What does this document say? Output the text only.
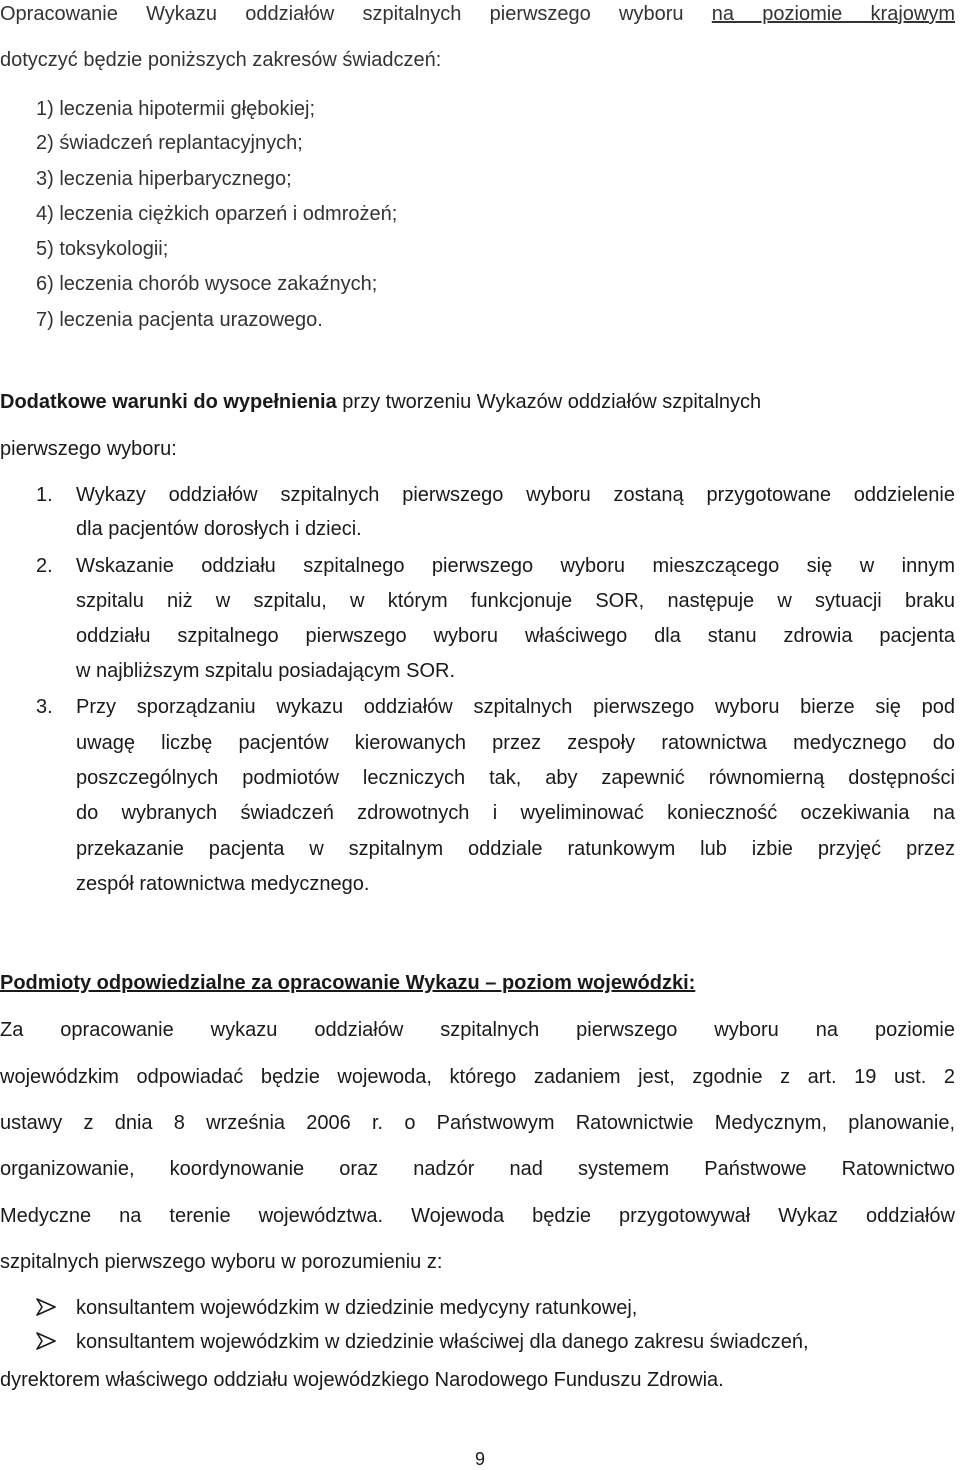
Opracowanie Wykazu oddziałów szpitalnych pierwszego wyboru na poziomie krajowym
dotyczyć będzie poniższych zakresów świadczeń:
1) leczenia hipotermii głębokiej;
2) świadczeń replantacyjnych;
3) leczenia hiperbarycznego;
4) leczenia ciężkich oparzeń i odmrożeń;
5) toksykologii;
6) leczenia chorób wysoce zakaźnych;
7) leczenia pacjenta urazowego.
Dodatkowe warunki do wypełnienia przy tworzeniu Wykazów oddziałów szpitalnych
pierwszego wyboru:
1.	Wykazy oddziałów szpitalnych pierwszego wyboru zostaną przygotowane oddzielenie
dla pacjentów dorosłych i dzieci.
2.	Wskazanie oddziału szpitalnego pierwszego wyboru mieszczącego się w innym
szpitalu niż w szpitalu, w którym funkcjonuje SOR, następuje w sytuacji braku
oddziału szpitalnego pierwszego wyboru właściwego dla stanu zdrowia pacjenta
w najbliższym szpitalu posiadającym SOR.
3.	Przy sporządzaniu wykazu oddziałów szpitalnych pierwszego wyboru bierze się pod
uwagę liczbę pacjentów kierowanych przez zespoły ratownictwa medycznego do
poszczególnych podmiotów leczniczych tak, aby zapewnić równomierną dostępności
do wybranych świadczeń zdrowotnych i wyeliminować konieczność oczekiwania na
przekazanie pacjenta w szpitalnym oddziale ratunkowym lub izbie przyjęć przez
zespół ratownictwa medycznego.
Podmioty odpowiedzialne za opracowanie Wykazu – poziom wojewódzki:
Za opracowanie wykazu oddziałów szpitalnych pierwszego wyboru na poziomie
wojewódzkim odpowiadać będzie wojewoda, którego zadaniem jest, zgodnie z art. 19 ust. 2
ustawy z dnia 8 września 2006 r. o Państwowym Ratownictwie Medycznym, planowanie,
organizowanie, koordynowanie oraz nadzór nad systemem Państwowe Ratownictwo
Medyczne na terenie województwa. Wojewoda będzie przygotowywał Wykaz oddziałów
szpitalnych pierwszego wyboru w porozumieniu z:
konsultantem wojewódzkim w dziedzinie medycyny ratunkowej,
konsultantem wojewódzkim w dziedzinie właściwej dla danego zakresu świadczeń,
dyrektorem właściwego oddziału wojewódzkiego Narodowego Funduszu Zdrowia.
9
